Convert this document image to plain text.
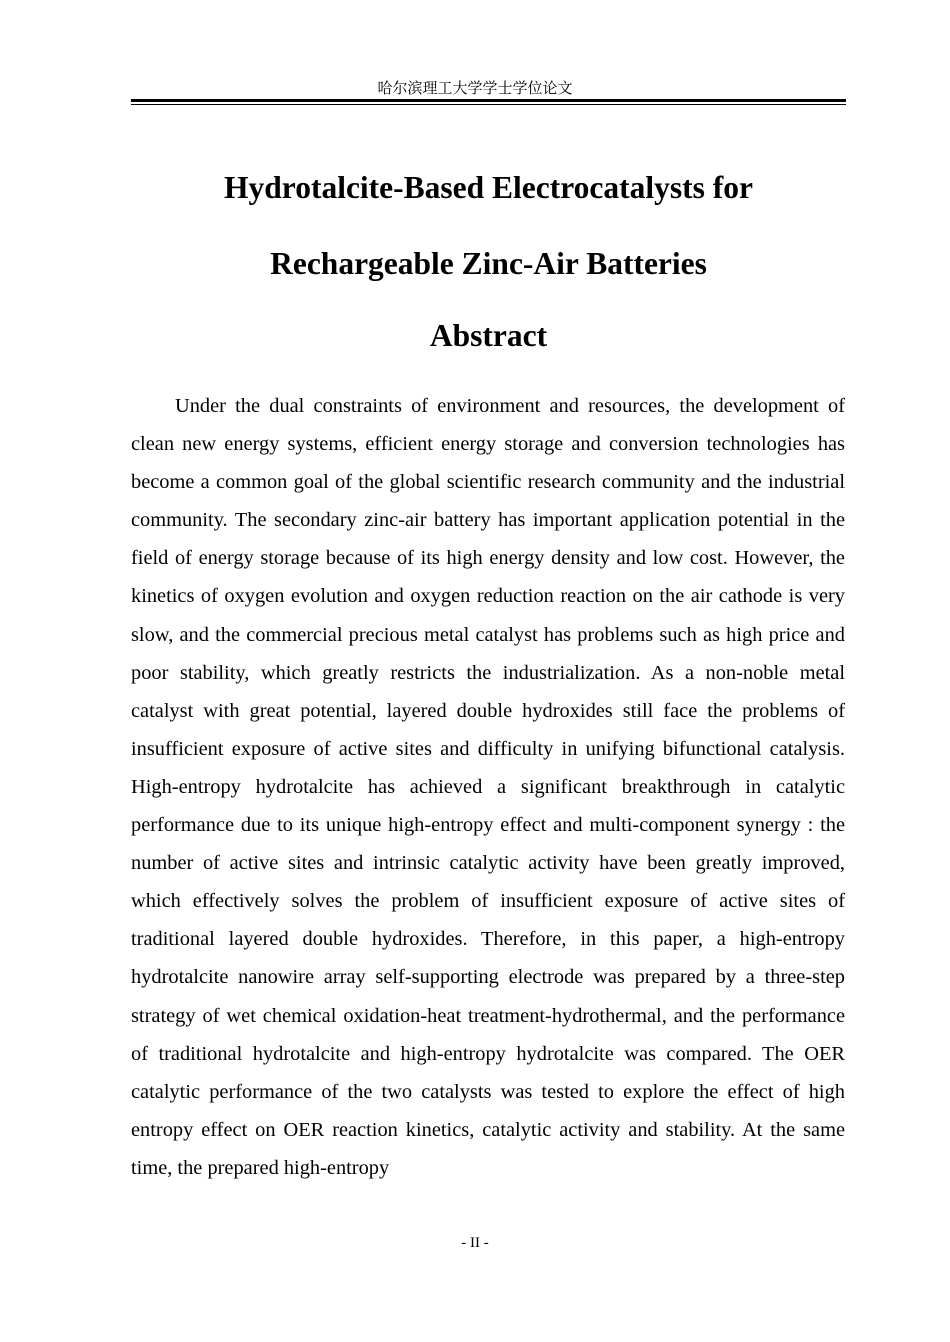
哈尔滨理工大学学士学位论文
Hydrotalcite-Based Electrocatalysts for
Rechargeable Zinc-Air Batteries
Abstract

Under the dual constraints of environment and resources, the development of clean new energy systems, efficient energy storage and conversion technologies has become a common goal of the global scientific research community and the industrial community. The secondary zinc-air battery has important application potential in the field of energy storage because of its high energy density and low cost. However, the kinetics of oxygen evolution and oxygen reduction reaction on the air cathode is very slow, and the commercial precious metal catalyst has problems such as high price and poor stability, which greatly restricts the industrialization. As a non-noble metal catalyst with great potential, layered double hydroxides still face the problems of insufficient exposure of active sites and difficulty in unifying bifunctional catalysis. High-entropy hydrotalcite has achieved a significant breakthrough in catalytic performance due to its unique high-entropy effect and multi-component synergy : the number of active sites and intrinsic catalytic activity have been greatly improved, which effectively solves the problem of insufficient exposure of active sites of traditional layered double hydroxides. Therefore, in this paper, a high-entropy hydrotalcite nanowire array self-supporting electrode was prepared by a three-step strategy of wet chemical oxidation-heat treatment-hydrothermal, and the performance of traditional hydrotalcite and high-entropy hydrotalcite was compared. The OER catalytic performance of the two catalysts was tested to explore the effect of high entropy effect on OER reaction kinetics, catalytic activity and stability. At the same time, the prepared high-entropy

- II -
